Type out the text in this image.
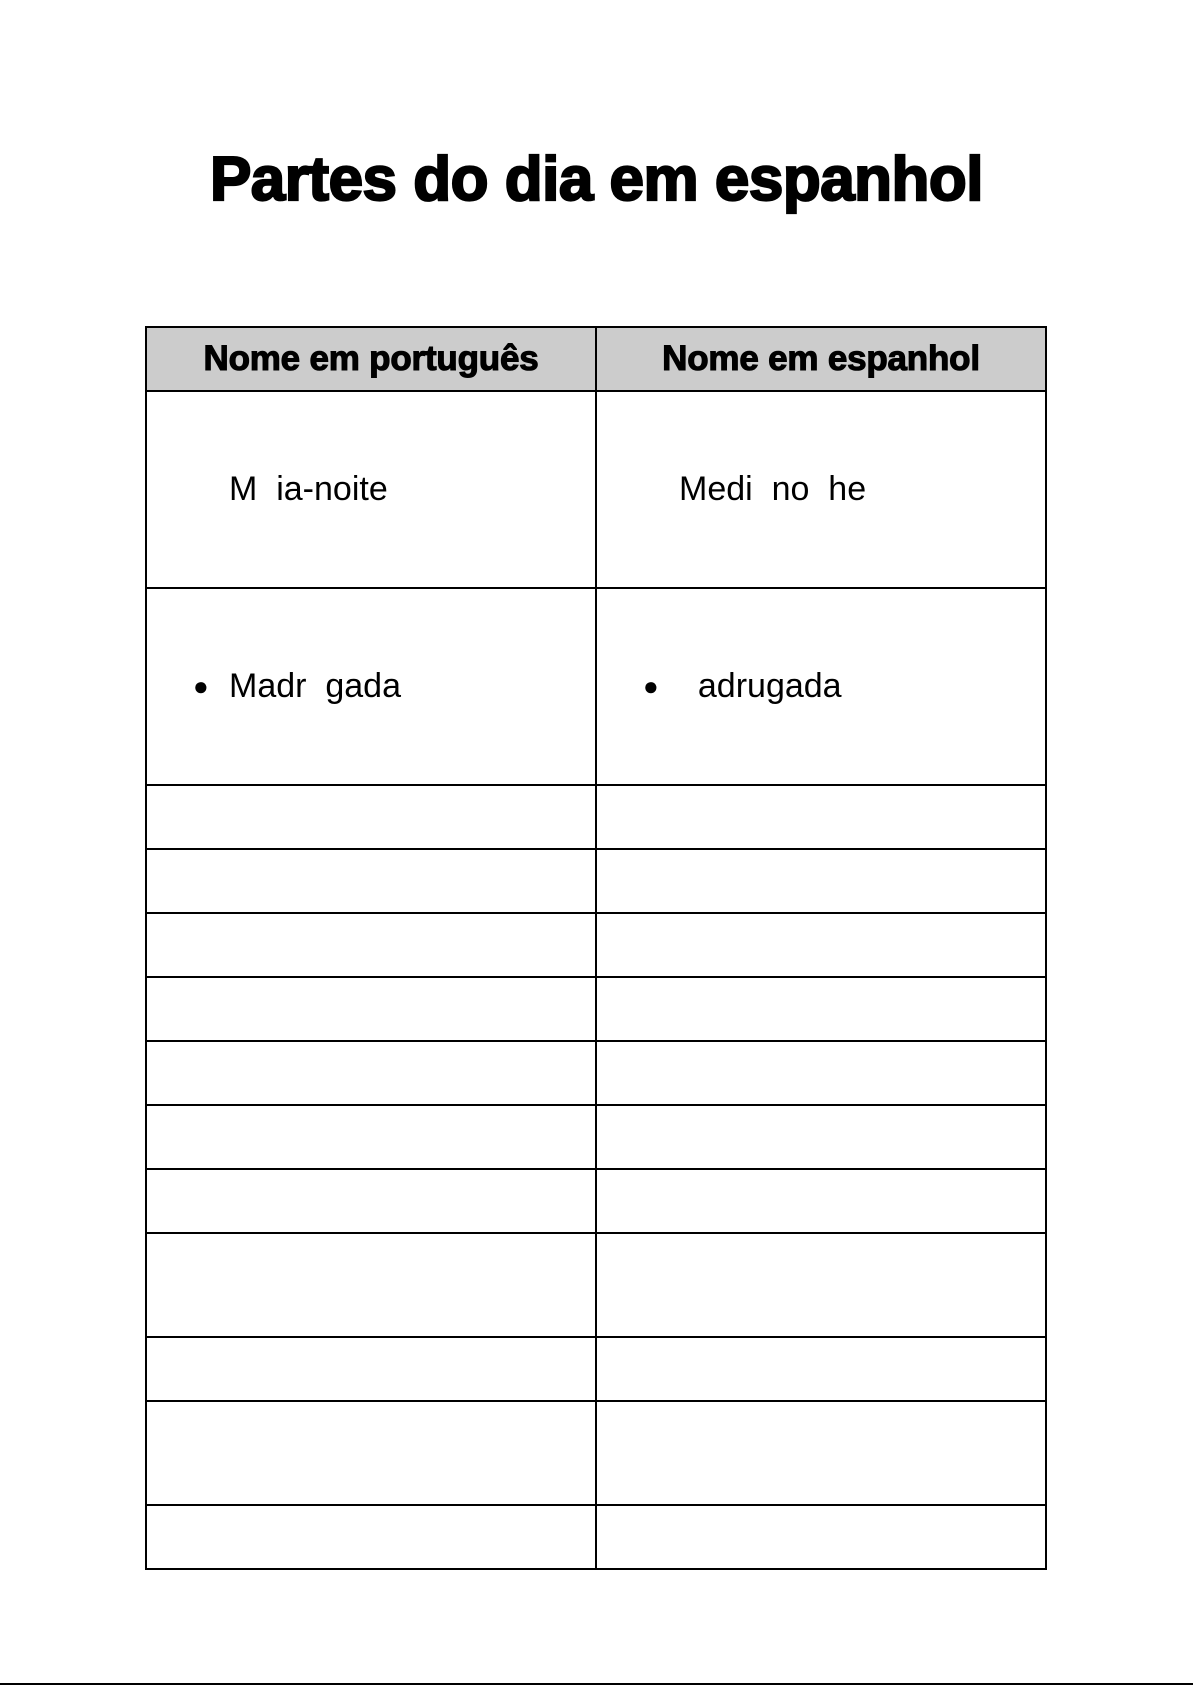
Partes do dia em espanhol
Nome em português	Nome em espanhol

M  ia-noite	Medi  no  he

● Madr  gada	● adrugada
